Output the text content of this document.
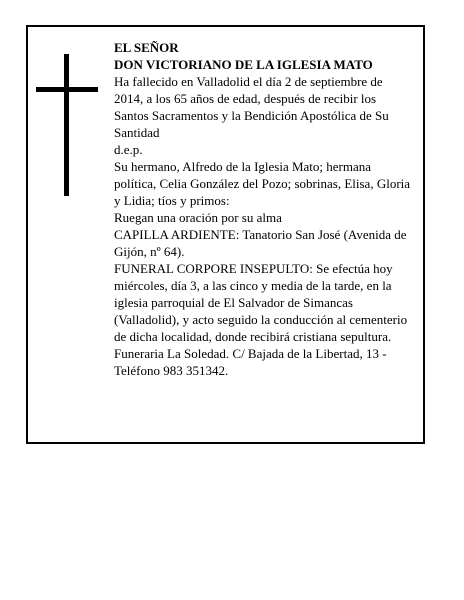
EL SEÑOR

DON VICTORIANO DE LA IGLESIA MATO

Ha fallecido en Valladolid el día 2 de septiembre de 2014, a los 65 años de edad, después de recibir los Santos Sacramentos y la Bendición Apostólica de Su Santidad

d.e.p.

Su hermano, Alfredo de la Iglesia Mato; hermana política, Celia González del Pozo; sobrinas, Elisa, Gloria y Lidia; tíos y primos:

Ruegan una oración por su alma

CAPILLA ARDIENTE: Tanatorio San José (Avenida de Gijón, nº 64).

FUNERAL CORPORE INSEPULTO: Se efectúa hoy miércoles, día 3, a las cinco y media de la tarde, en la iglesia parroquial de El Salvador de Simancas (Valladolid), y acto seguido la conducción al cementerio de dicha localidad, donde recibirá cristiana sepultura.

Funeraria La Soledad. C/ Bajada de la Libertad, 13 - Teléfono 983 351342.
